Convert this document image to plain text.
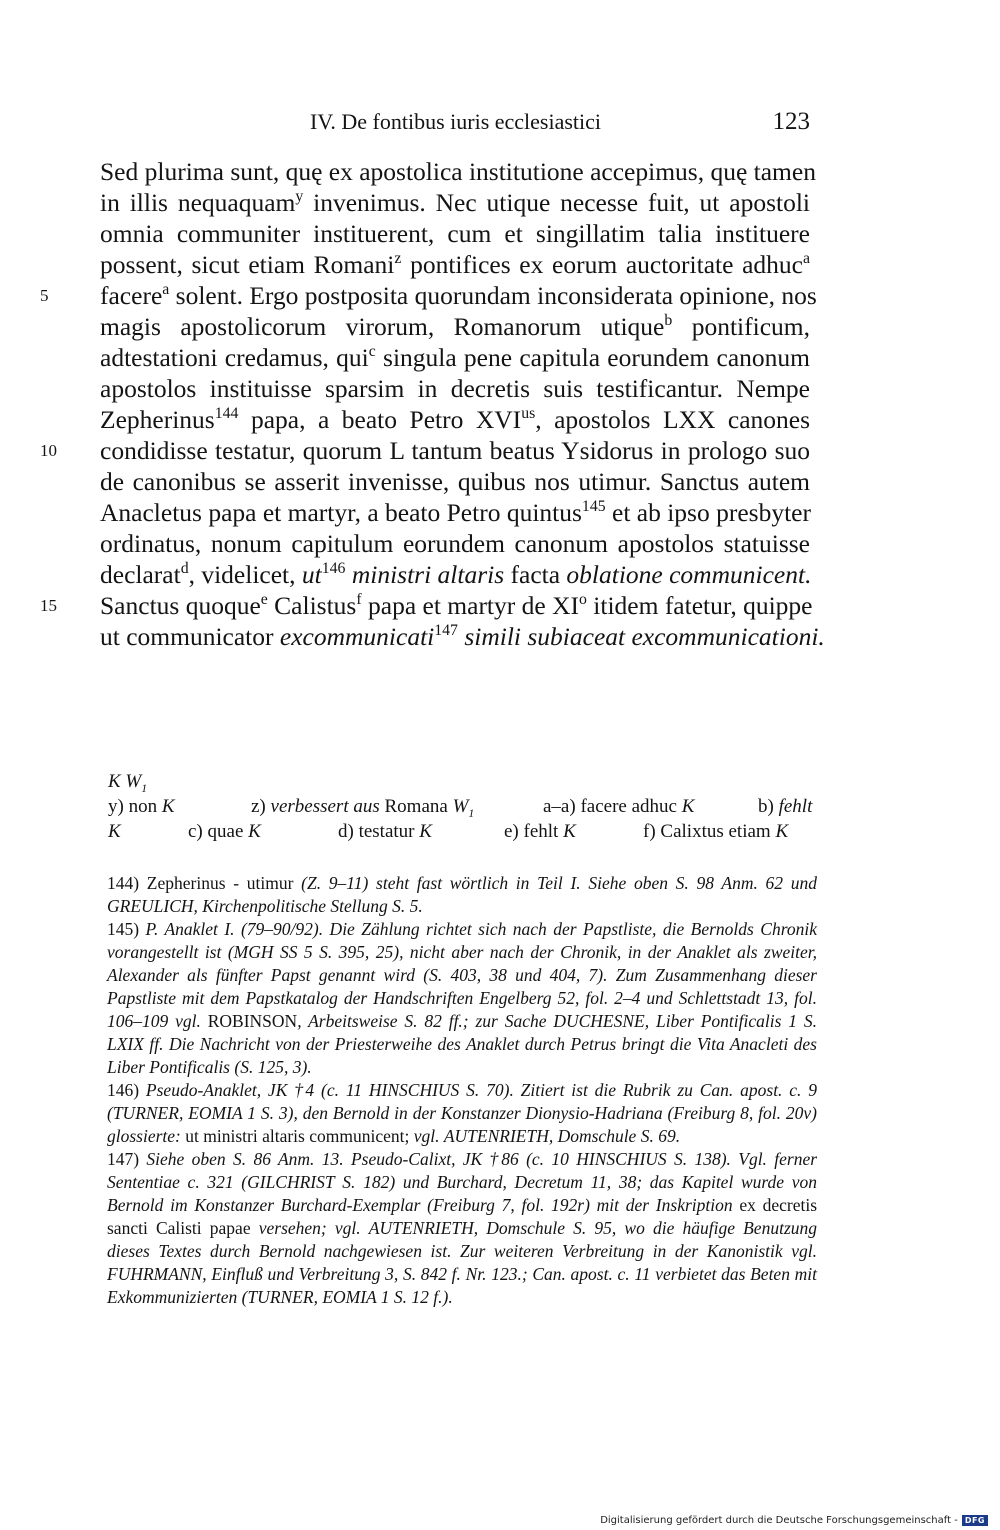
IV. De fontibus iuris ecclesiastici	123
Sed plurima sunt, quę ex apostolica institutione accepimus, quę tamen
in illis nequaquam$^y$ invenimus. Nec utique necesse fuit, ut apostoli
omnia communiter instituerent, cum et singillatim talia instituere
possent, sicut etiam Romani$^z$ pontifices ex eorum auctoritate adhuc$^a$
5	facere$^a$ solent. Ergo postposita quorundam inconsiderata opinione, nos
magis apostolicorum virorum, Romanorum utique$^b$ pontificum,
adtestationi credamus, qui$^c$ singula pene capitula eorundem canonum
apostolos instituisse sparsim in decretis suis testificantur. Nempe
Zepherinus$^{144}$ papa, a beato Petro $XVI^{us}$, apostolos LXX canones
10	condidisse testatur, quorum L tantum beatus Ysidorus in prologo suo
de canonibus se asserit invenisse, quibus nos utimur. Sanctus autem
Anacletus papa et martyr, a beato Petro quintus$^{145}$ et ab ipso presbyter
ordinatus, nonum capitulum eorundem canonum apostolos statuisse
declarat$^d$, videlicet, $ut^{146}$ ministri altaris facta oblatione communicent.
15	Sanctus quoque$^e$ Calistus$^f$ papa et martyr de $XI^o$ itidem fatetur, quippe
ut communicator excommunicati$^{147}$ simili subiaceat excommunicationi.
K $W_1$
y) non K	z) verbessert aus Romana $W_1$	a–a) facere adhuc K	b) fehlt
K	c) quae K	d) testatur K	e) fehlt K	f) Calixtus etiam K

144) Zepherinus - utimur (Z. 9–11) steht fast wörtlich in Teil I. Siehe oben S. 98 Anm. 62 und GREULICH, Kirchenpolitische Stellung S. 5.

145) P. Anaklet I. (79–90/92). Die Zählung richtet sich nach der Papstliste, die Bernolds Chronik vorangestellt ist (MGH SS 5 S. 395, 25), nicht aber nach der Chronik, in der Anaklet als zweiter, Alexander als fünfter Papst genannt wird (S. 403, 38 und 404, 7). Zum Zusammenhang dieser Papstliste mit dem Papstkatalog der Handschriften Engelberg 52, fol. 2–4 und Schlettstadt 13, fol. 106–109 vgl. ROBINSON, Arbeitsweise S. 82 ff.; zur Sache DUCHESNE, Liber Pontificalis 1 S. LXIX ff. Die Nachricht von der Priesterweihe des Anaklet durch Petrus bringt die Vita Anacleti des Liber Pontificalis (S. 125, 3).

146) Pseudo-Anaklet, JK †4 (c. 11 HINSCHIUS S. 70). Zitiert ist die Rubrik zu Can. apost. c. 9 (TURNER, EOMIA 1 S. 3), den Bernold in der Konstanzer Dionysio-Hadriana (Freiburg 8, fol. 20v) glossierte: ut ministri altaris communicent; vgl. AUTENRIETH, Domschule S. 69.

147) Siehe oben S. 86 Anm. 13. Pseudo-Calixt, JK †86 (c. 10 HINSCHIUS S. 138). Vgl. ferner Sententiae c. 321 (GILCHRIST S. 182) und Burchard, Decretum 11, 38; das Kapitel wurde von Bernold im Konstanzer Burchard-Exemplar (Freiburg 7, fol. 192r) mit der Inskription ex decretis sancti Calisti papae versehen; vgl. AUTENRIETH, Domschule S. 95, wo die häufige Benutzung dieses Textes durch Bernold nachgewiesen ist. Zur weiteren Verbreitung in der Kanonistik vgl. FUHRMANN, Einfluß und Verbreitung 3, S. 842 f. Nr. 123.; Can. apost. c. 11 verbietet das Beten mit Exkommunizierten (TURNER, EOMIA 1 S. 12 f.).

Digitalisierung gefördert durch die Deutsche Forschungsgemeinschaft - DFG
